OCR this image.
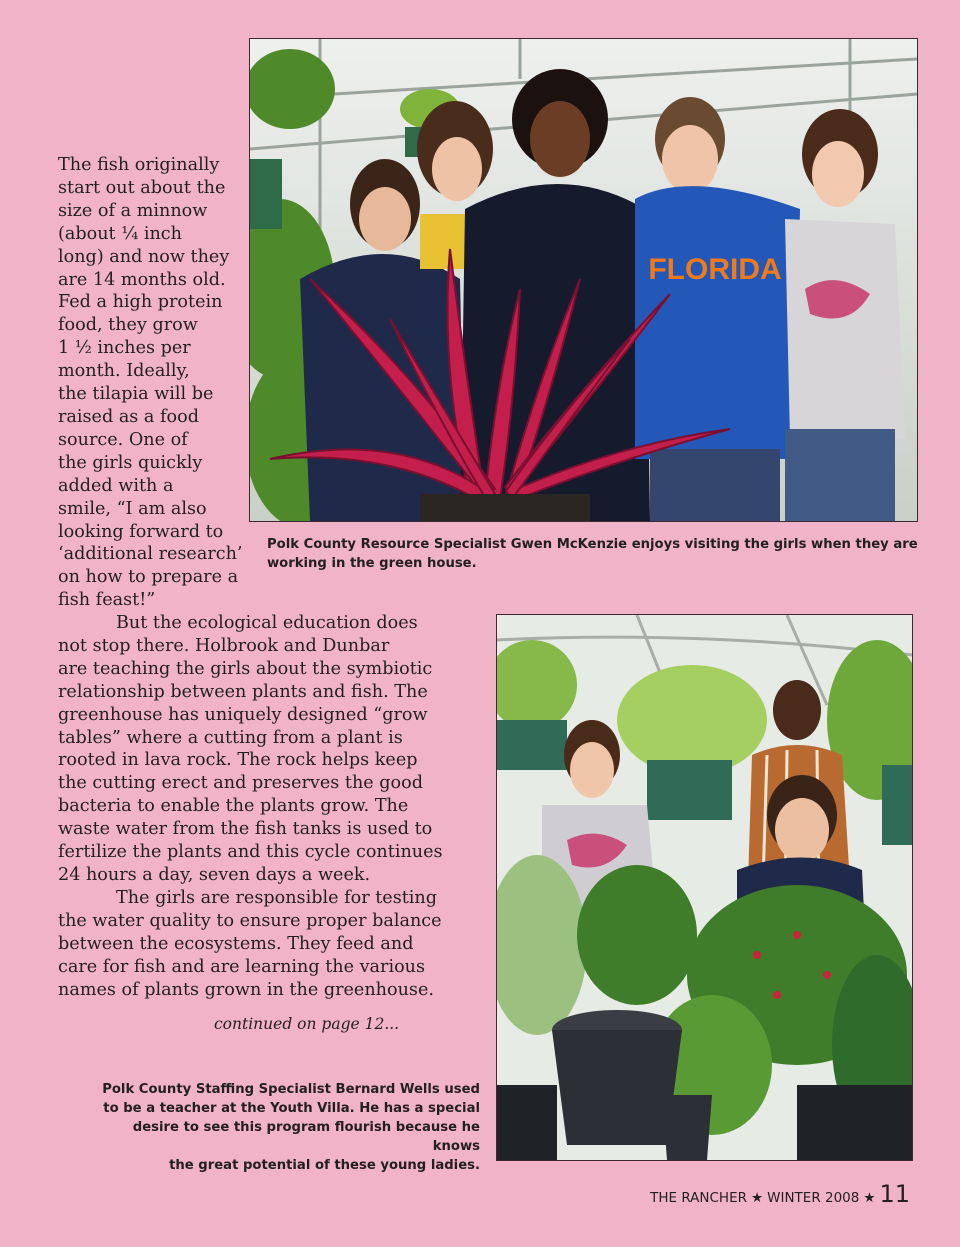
FLORIDA
Polk County Resource Specialist Gwen McKenzie enjoys visiting the girls when they are working in the green house.
The fish originally
start out about the
size of a minnow
(about ¼ inch
long) and now they
are 14 months old.
Fed a high protein
food, they grow
1 ½ inches per
month. Ideally,
the tilapia will be
raised as a food
source. One of
the girls quickly
added with a
smile, “I am also
looking forward to
‘additional research’
on how to prepare a
fish feast!”
But the ecological education does
not stop there. Holbrook and Dunbar
are teaching the girls about the symbiotic
relationship between plants and fish. The
greenhouse has uniquely designed “grow
tables” where a cutting from a plant is
rooted in lava rock. The rock helps keep
the cutting erect and preserves the good
bacteria to enable the plants grow. The
waste water from the fish tanks is used to
fertilize the plants and this cycle continues
24 hours a day, seven days a week.
The girls are responsible for testing
the water quality to ensure proper balance
between the ecosystems. They feed and
care for fish and are learning the various
names of plants grown in the greenhouse.
continued on page 12...
Polk County Staffing Specialist Bernard Wells used
to be a teacher at the Youth Villa. He has a special
desire to see this program flourish because he knows
the great potential of these young ladies.
THE RANCHER ★ WINTER 2008 ★ 11
